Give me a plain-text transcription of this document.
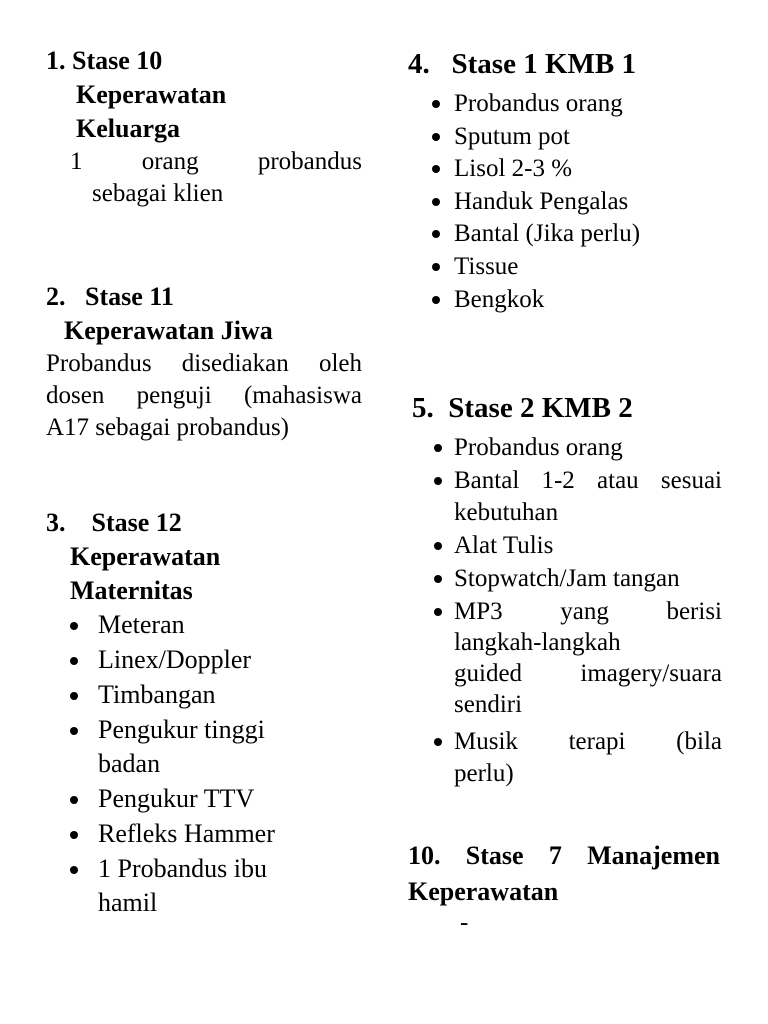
1. Stase 10
Keperawatan
Keluarga
1 orang probandus
sebagai klien
2.   Stase 11
Keperawatan Jiwa
Probandus disediakan oleh
dosen penguji (mahasiswa
A17 sebagai probandus)
3.    Stase 12
Keperawatan
Maternitas
Meteran
Linex/Doppler
Timbangan
Pengukur tinggi
badan
Pengukur TTV
Refleks Hammer
1 Probandus ibu
hamil
4.   Stase 1 KMB 1
Probandus orang
Sputum pot
Lisol 2-3 %
Handuk Pengalas
Bantal (Jika perlu)
Tissue
Bengkok
5.  Stase 2 KMB 2
Probandus orang
Bantal 1-2 atau sesuai
kebutuhan
Alat Tulis
Stopwatch/Jam tangan
MP3 yang berisi
langkah-langkah
guided imagery/suara
sendiri
Musik terapi (bila
perlu)
10. Stase 7 Manajemen
Keperawatan
-
